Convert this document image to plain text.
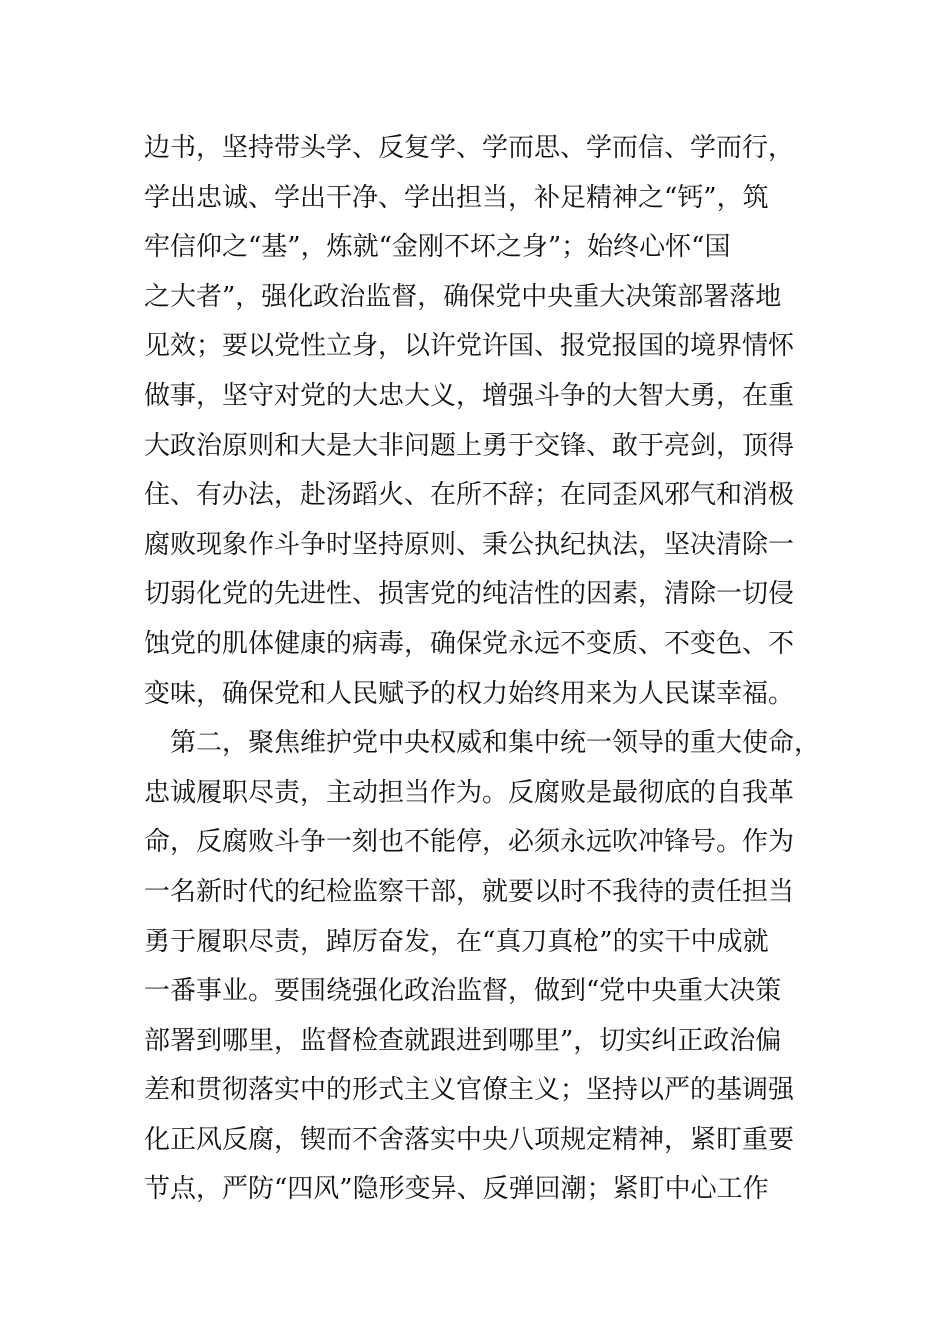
边书，坚持带头学、反复学、学而思、学而信、学而行，
学出忠诚、学出干净、学出担当，补足精神之“钙”，筑
牢信仰之“基”，炼就“金刚不坏之身”；始终心怀“国
之大者”，强化政治监督，确保党中央重大决策部署落地
见效；要以党性立身，以许党许国、报党报国的境界情怀
做事，坚守对党的大忠大义，增强斗争的大智大勇，在重
大政治原则和大是大非问题上勇于交锋、敢于亮剑，顶得
住、有办法，赴汤蹈火、在所不辞；在同歪风邪气和消极
腐败现象作斗争时坚持原则、秉公执纪执法，坚决清除一
切弱化党的先进性、损害党的纯洁性的因素，清除一切侵
蚀党的肌体健康的病毒，确保党永远不变质、不变色、不
变味，确保党和人民赋予的权力始终用来为人民谋幸福。
　第二，聚焦维护党中央权威和集中统一领导的重大使命，
忠诚履职尽责，主动担当作为。反腐败是最彻底的自我革
命，反腐败斗争一刻也不能停，必须永远吹冲锋号。作为
一名新时代的纪检监察干部，就要以时不我待的责任担当
勇于履职尽责，踔厉奋发，在“真刀真枪”的实干中成就
一番事业。要围绕强化政治监督，做到“党中央重大决策
部署到哪里，监督检查就跟进到哪里”，切实纠正政治偏
差和贯彻落实中的形式主义官僚主义；坚持以严的基调强
化正风反腐，锲而不舍落实中央八项规定精神，紧盯重要
节点，严防“四风”隐形变异、反弹回潮；紧盯中心工作
